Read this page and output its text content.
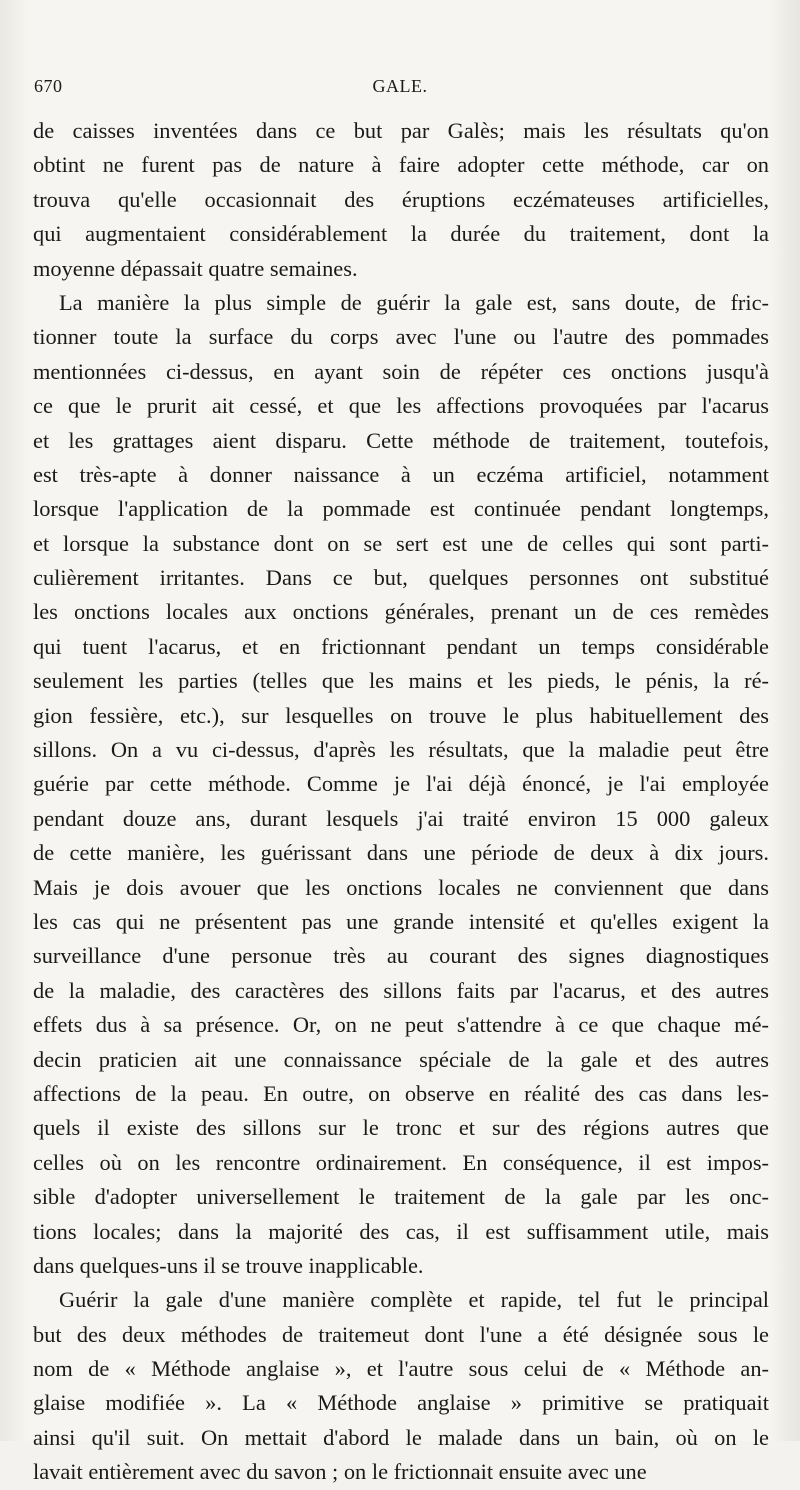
670	GALE.
de caisses inventées dans ce but par Galès; mais les résultats qu'on
obtint ne furent pas de nature à faire adopter cette méthode, car on
trouva qu'elle occasionnait des éruptions eczémateuses artificielles,
qui augmentaient considérablement la durée du traitement, dont la
moyenne dépassait quatre semaines.
La manière la plus simple de guérir la gale est, sans doute, de fric-
tionner toute la surface du corps avec l'une ou l'autre des pommades
mentionnées ci-dessus, en ayant soin de répéter ces onctions jusqu'à
ce que le prurit ait cessé, et que les affections provoquées par l'acarus
et les grattages aient disparu. Cette méthode de traitement, toutefois,
est très-apte à donner naissance à un eczéma artificiel, notamment
lorsque l'application de la pommade est continuée pendant longtemps,
et lorsque la substance dont on se sert est une de celles qui sont parti-
culièrement irritantes. Dans ce but, quelques personnes ont substitué
les onctions locales aux onctions générales, prenant un de ces remèdes
qui tuent l'acarus, et en frictionnant pendant un temps considérable
seulement les parties (telles que les mains et les pieds, le pénis, la ré-
gion fessière, etc.), sur lesquelles on trouve le plus habituellement des
sillons. On a vu ci-dessus, d'après les résultats, que la maladie peut être
guérie par cette méthode. Comme je l'ai déjà énoncé, je l'ai employée
pendant douze ans, durant lesquels j'ai traité environ 15 000 galeux
de cette manière, les guérissant dans une période de deux à dix jours.
Mais je dois avouer que les onctions locales ne conviennent que dans
les cas qui ne présentent pas une grande intensité et qu'elles exigent la
surveillance d'une personue très au courant des signes diagnostiques
de la maladie, des caractères des sillons faits par l'acarus, et des autres
effets dus à sa présence. Or, on ne peut s'attendre à ce que chaque mé-
decin praticien ait une connaissance spéciale de la gale et des autres
affections de la peau. En outre, on observe en réalité des cas dans les-
quels il existe des sillons sur le tronc et sur des régions autres que
celles où on les rencontre ordinairement. En conséquence, il est impos-
sible d'adopter universellement le traitement de la gale par les onc-
tions locales; dans la majorité des cas, il est suffisamment utile, mais
dans quelques-uns il se trouve inapplicable.
Guérir la gale d'une manière complète et rapide, tel fut le principal
but des deux méthodes de traitemeut dont l'une a été désignée sous le
nom de « Méthode anglaise », et l'autre sous celui de « Méthode an-
glaise modifiée ». La « Méthode anglaise » primitive se pratiquait
ainsi qu'il suit. On mettait d'abord le malade dans un bain, où on le
lavait entièrement avec du savon ; on le frictionnait ensuite avec une
